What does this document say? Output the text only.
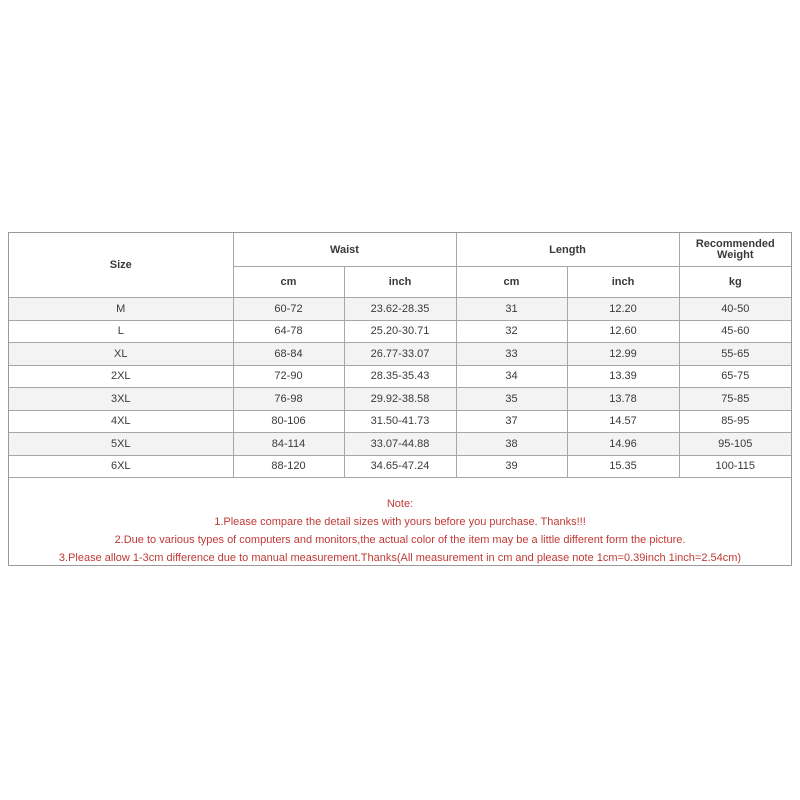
Size	Waist		Length		Recommended Weight
	cm	inch	cm	inch	kg
M	60-72	23.62-28.35	31	12.20	40-50
L	64-78	25.20-30.71	32	12.60	45-60
XL	68-84	26.77-33.07	33	12.99	55-65
2XL	72-90	28.35-35.43	34	13.39	65-75
3XL	76-98	29.92-38.58	35	13.78	75-85
4XL	80-106	31.50-41.73	37	14.57	85-95
5XL	84-114	33.07-44.88	38	14.96	95-105
6XL	88-120	34.65-47.24	39	15.35	100-115
Note:
1.Please compare the detail sizes with yours before you purchase. Thanks!!!
2.Due to various types of computers and monitors,the actual color of the item may be a little different form the picture.
3.Please allow 1-3cm difference due to manual measurement.Thanks(All measurement in cm and please note 1cm=0.39inch 1inch=2.54cm)
